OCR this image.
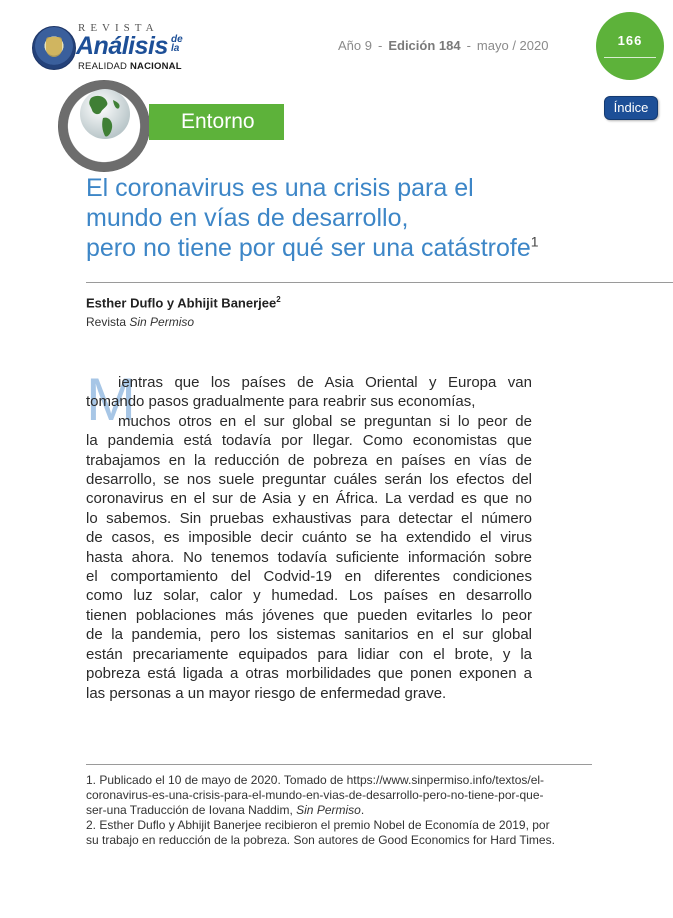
REVISTA
Análisis de la
REALIDAD NACIONAL
Año 9 - Edición 184 - mayo / 2020	166
Índice
Entorno
El coronavirus es una crisis para el
mundo en vías de desarrollo,
pero no tiene por qué ser una catástrofe$^1$
Esther Duflo y Abhijit Banerjee$^2$
Revista Sin Permiso
M
ientras que los países de Asia Oriental y Europa van
tomando pasos gradualmente para reabrir sus economías,
muchos otros en el sur global se preguntan si lo peor de
la pandemia está todavía por llegar. Como economistas que
trabajamos en la reducción de pobreza en países en vías de
desarrollo, se nos suele preguntar cuáles serán los efectos del
coronavirus en el sur de Asia y en África. La verdad es que no
lo sabemos. Sin pruebas exhaustivas para detectar el número
de casos, es imposible decir cuánto se ha extendido el virus
hasta ahora. No tenemos todavía suficiente información sobre
el comportamiento del Codvid-19 en diferentes condiciones
como luz solar, calor y humedad. Los países en desarrollo
tienen poblaciones más jóvenes que pueden evitarles lo peor
de la pandemia, pero los sistemas sanitarios en el sur global
están precariamente equipados para lidiar con el brote, y la
pobreza está ligada a otras morbilidades que ponen exponen a
las personas a un mayor riesgo de enfermedad grave.
1. Publicado el 10 de mayo de 2020. Tomado de https://www.sinpermiso.info/textos/el-
coronavirus-es-una-crisis-para-el-mundo-en-vias-de-desarrollo-pero-no-tiene-por-que-
ser-una Traducción de Iovana Naddim, Sin Permiso.
2. Esther Duflo y Abhijit Banerjee recibieron el premio Nobel de Economía de 2019, por
su trabajo en reducción de la pobreza. Son autores de Good Economics for Hard Times.
